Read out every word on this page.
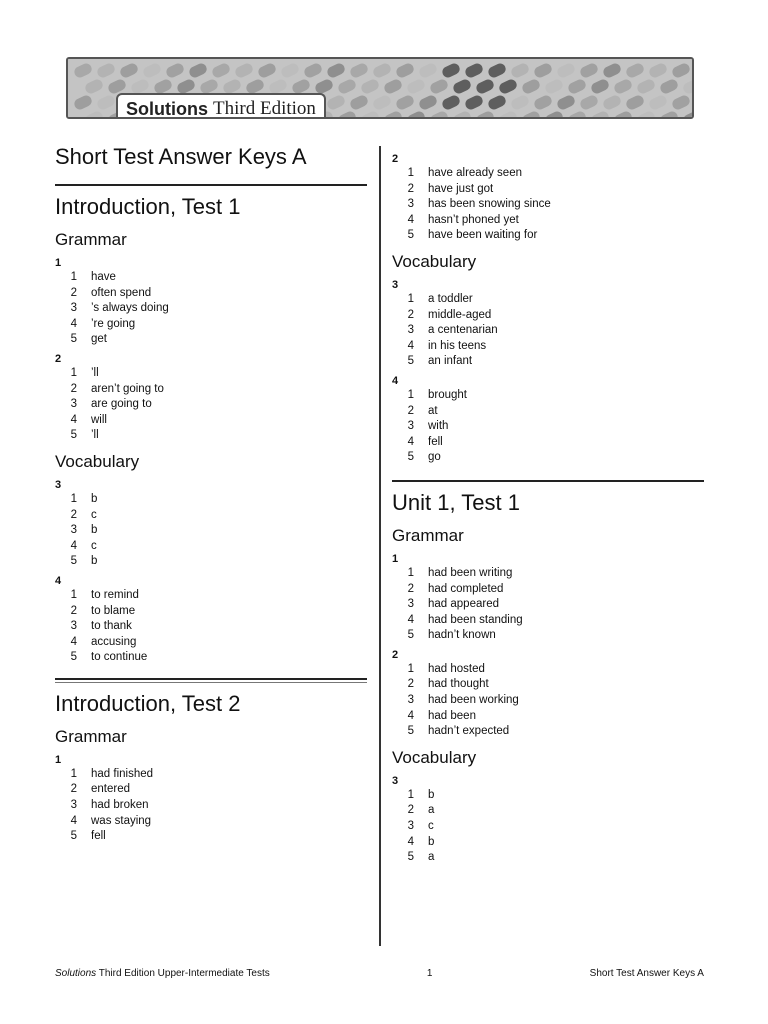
Solutions Third Edition
Short Test Answer Keys A
Introduction, Test 1
Grammar
1
1 have
2 often spend
3 ’s always doing
4 ’re going
5 get
2
1 ’ll
2 aren’t going to
3 are going to
4 will
5 ’ll
Vocabulary
3
1 b
2 c
3 b
4 c
5 b
4
1 to remind
2 to blame
3 to thank
4 accusing
5 to continue
Introduction, Test 2
Grammar
1
1 had finished
2 entered
3 had broken
4 was staying
5 fell
2
1 have already seen
2 have just got
3 has been snowing since
4 hasn’t phoned yet
5 have been waiting for
Vocabulary
3
1 a toddler
2 middle-aged
3 a centenarian
4 in his teens
5 an infant
4
1 brought
2 at
3 with
4 fell
5 go
Unit 1, Test 1
Grammar
1
1 had been writing
2 had completed
3 had appeared
4 had been standing
5 hadn’t known
2
1 had hosted
2 had thought
3 had been working
4 had been
5 hadn’t expected
Vocabulary
3
1 b
2 a
3 c
4 b
5 a
Solutions Third Edition Upper-Intermediate Tests	1	Short Test Answer Keys A
